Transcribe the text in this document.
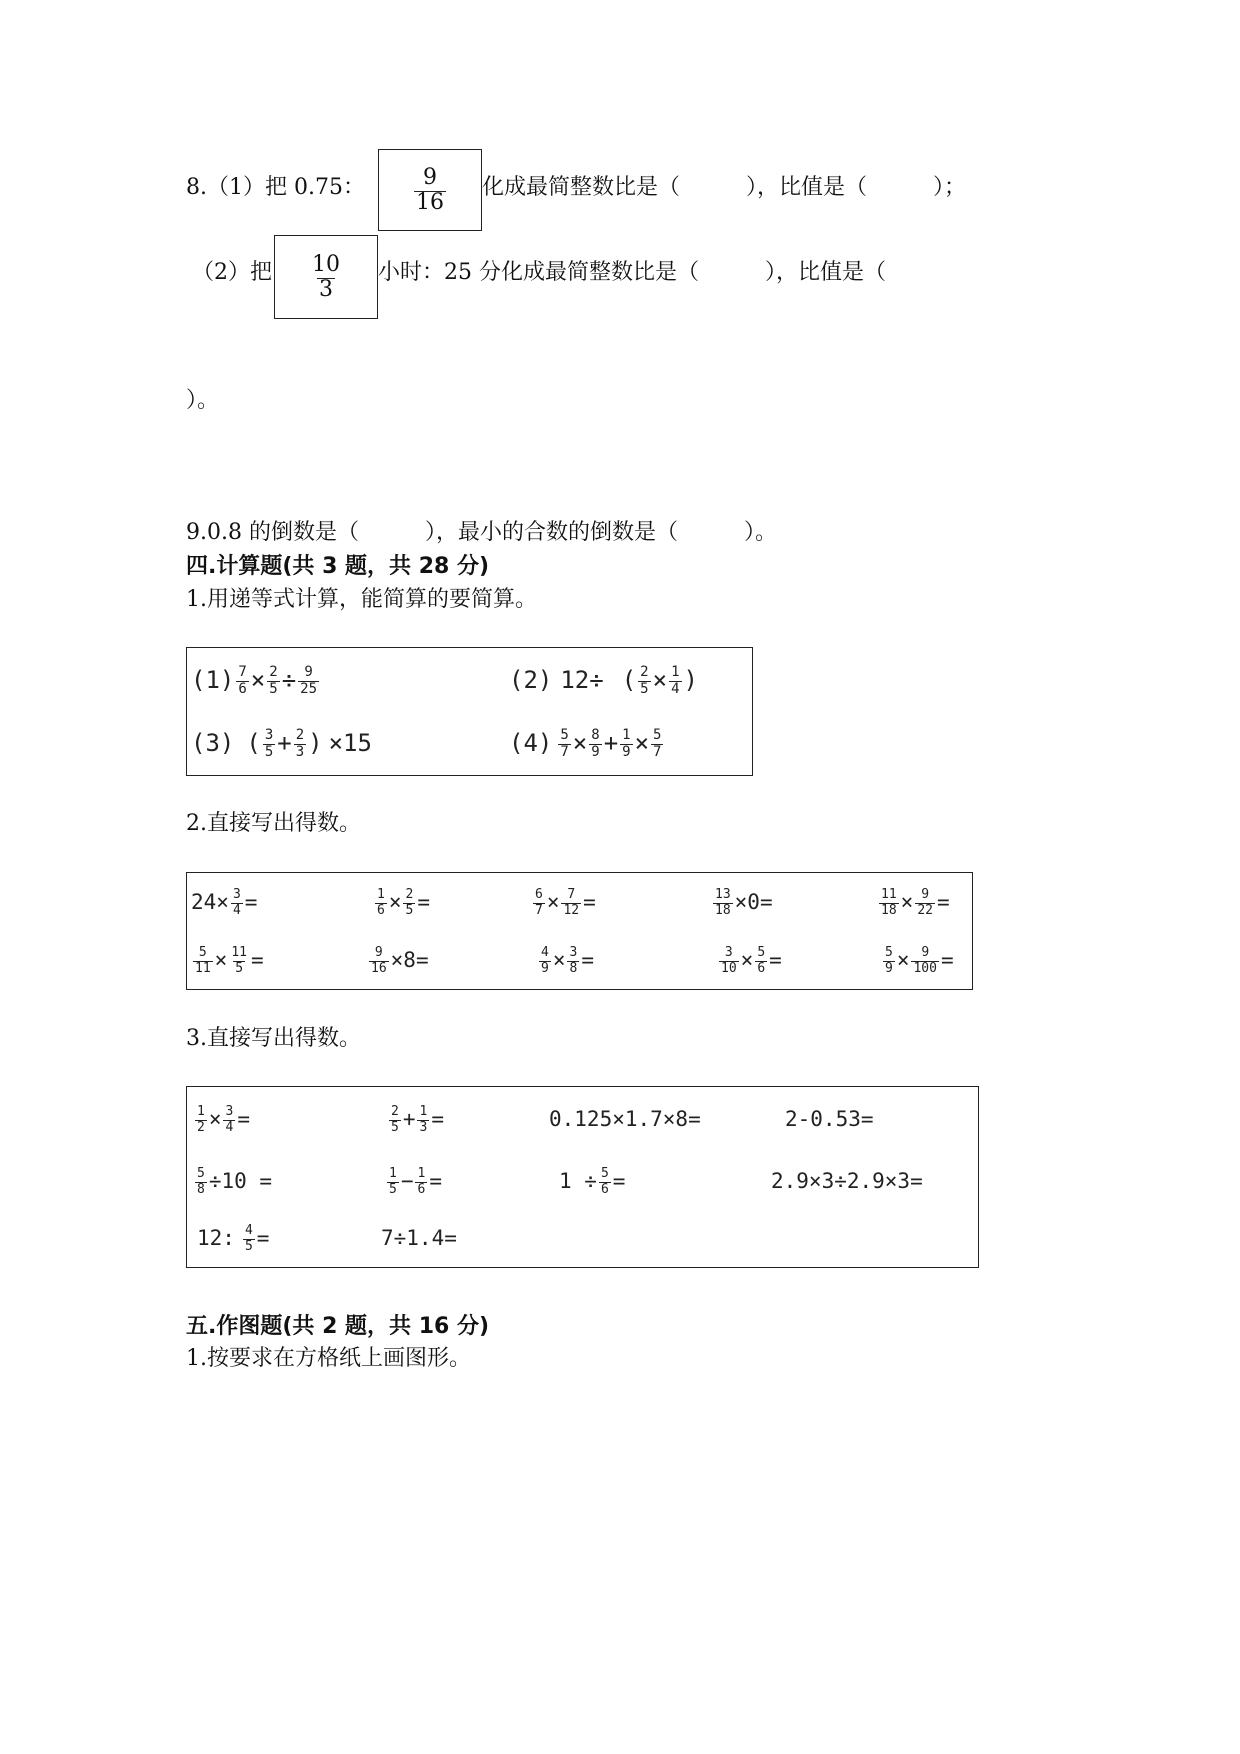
8.（1）把 0.75： $\frac{9}{16}$ 化成最简整数比是（　　　），比值是（　　　）；
（2）把 $\frac{10}{3}$ 小时：25 分化成最简整数比是（　　　），比值是（
）。
9.0.8 的倒数是（　　　），最小的合数的倒数是（　　　）。
四.计算题(共 3 题，共 28 分)
1.用递等式计算，能简算的要简算。
$(1) \frac{7}{6} \times \frac{2}{5} \div \frac{9}{25}$	(2) 12÷ ( $\frac{2}{5} \times \frac{1}{4}$ )
(3) ( $\frac{3}{5} + \frac{2}{3}$ ) ×15	$(4) \frac{5}{7} \times \frac{8}{9} + \frac{1}{9} \times \frac{5}{7}$
2.直接写出得数。
$24\times \frac{3}{4}$ =	$\frac{1}{6} \times \frac{2}{5}$ =	$\frac{6}{7} \times \frac{7}{12}$ =	$\frac{13}{18} \times 0=$	$\frac{11}{18} \times \frac{9}{22}$ =
$\frac{5}{11} \times \frac{11}{5}$ =	$\frac{9}{16} \times 8=$	$\frac{4}{9} \times \frac{3}{8}$ =	$\frac{3}{10} \times \frac{5}{6}$ =	$\frac{5}{9} \times \frac{9}{100}$ =
3.直接写出得数。
$\frac{1}{2} \times \frac{3}{4}$ =	$\frac{2}{5} + \frac{1}{3}$ =	0.125×1.7×8=	2-0.53=
$\frac{5}{8} \div 10$ =	$\frac{1}{5} - \frac{1}{6}$ =	$1 \div \frac{5}{6}$ =	2.9×3÷2.9×3=
12: $\frac{4}{5}$ =	7÷1.4=
五.作图题(共 2 题，共 16 分)
1.按要求在方格纸上画图形。
